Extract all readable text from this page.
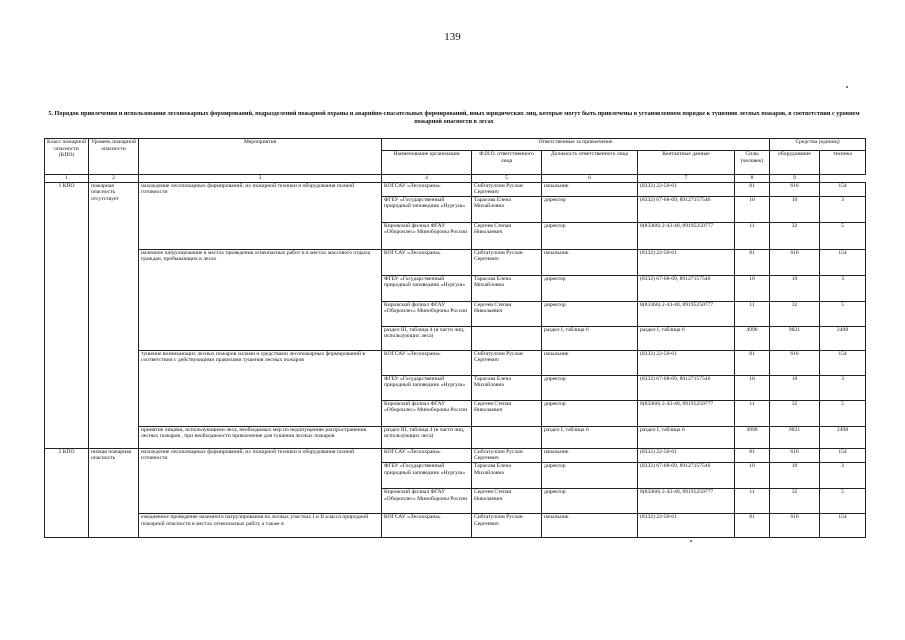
139
5. Порядок привлечения и использования лесопожарных формирований, подразделений пожарной охраны и аварийно-спасательных формирований, иных юридических лиц, которые могут быть привлечены в установленном порядке к тушению лесных пожаров, в соответствии с уровнем пожарной опасности в лесах
Класс пожарной опасности (КПО)	Уровень пожарной опасности	Мероприятия	Ответственные за привлечение					Средства (единиц)	
			Наименование организации	Ф.И.О. ответственного лица	Должность ответственного лица	Контактные данные	Силы (человек)	оборудование	техника
1	2	3	4	5	6	7	8	9	
1 КПО	пожарная опасность отсутствует	нахождение лесопожарных формирований, их пожарной техники и оборудования полной готовности	КОГСАУ «Лесоохрана»	Сибгатуллин Руслан Сергеевич	начальник	(8332) 22-50-61	81	616	154
			ФГБУ «Государственный природный заповедник «Нургуш»	Тарасова Елена Михайловна	директор	(8332) 67-68-69, 89127157546	10	10	3
			Кировский филиал ФГАУ «Оборонлес» Минобороны России	Сергеев Степан Николаевич	директор	8(83366) 2-43-40, 89195250777	11	32	5
		наземное патрулирование в местах проведения огнеопасных работ и в местах массового отдыха граждан, пребывающих в лесах	КОГСАУ «Лесоохрана»	Сибгатуллин Руслан Сергеевич	начальник	(8332) 22-50-61	81	616	154
			ФГБУ «Государственный природный заповедник «Нургуш»	Тарасова Елена Михайловна	директор	(8332) 67-68-69, 89127157546	10	10	3
			Кировский филиал ФГАУ «Оборонлес» Минобороны России	Сергеев Степан Николаевич	директор	8(83366) 2-43-40, 89195250777	11	32	5
			раздел III, таблица 4 (в части лиц, использующих леса)		раздел I, таблица 6	раздел I, таблица 6	4990	9821	2498
		тушение возникающих лесных пожаров силами и средствами лесопожарных формирований в соответствии с действующими правилами тушения лесных пожаров	КОГСАУ «Лесоохрана»	Сибгатуллин Руслан Сергеевич	начальник	(8332) 22-50-61	81	616	154
			ФГБУ «Государственный природный заповедник «Нургуш»	Тарасова Елена Михайловна	директор	(8332) 67-68-69, 89127157546	10	10	3
			Кировский филиал ФГАУ «Оборонлес» Минобороны России	Сергеев Степан Николаевич	директор	8(83366) 2-43-40, 89195250777	11	32	5
		принятие лицами, использующими леса, необходимых мер по недопущению распространения лесных пожаров , при необходимости привлечение для тушения лесных пожаров	раздел III, таблица 4 (в части лиц, использующих леса)		раздел I, таблица 6	раздел I, таблица 6	4990	9821	2498
2 КПО	низкая пожарная опасность	нахождение лесопожарных формирований, их пожарной техники и оборудования полной готовности	КОГСАУ «Лесоохрана»	Сибгатуллин Руслан Сергеевич	начальник	(8332) 22-50-61	81	616	154
			ФГБУ «Государственный природный заповедник «Нургуш»	Тарасова Елена Михайловна	директор	(8332) 67-68-69, 89127157546	10	10	3
			Кировский филиал ФГАУ «Оборонлес» Минобороны России	Сергеев Степан Николаевич	директор	8(83366) 2-43-40, 89195250777	11	32	5
		ежедневное проведение наземного патрулирования на лесных участках I и II класса природной пожарной опасности в местах огнеопасных работ, а также в	КОГСАУ «Лесоохрана»	Сибгатуллин Руслан Сергеевич	начальник	(8332) 22-50-61	81	616	154
